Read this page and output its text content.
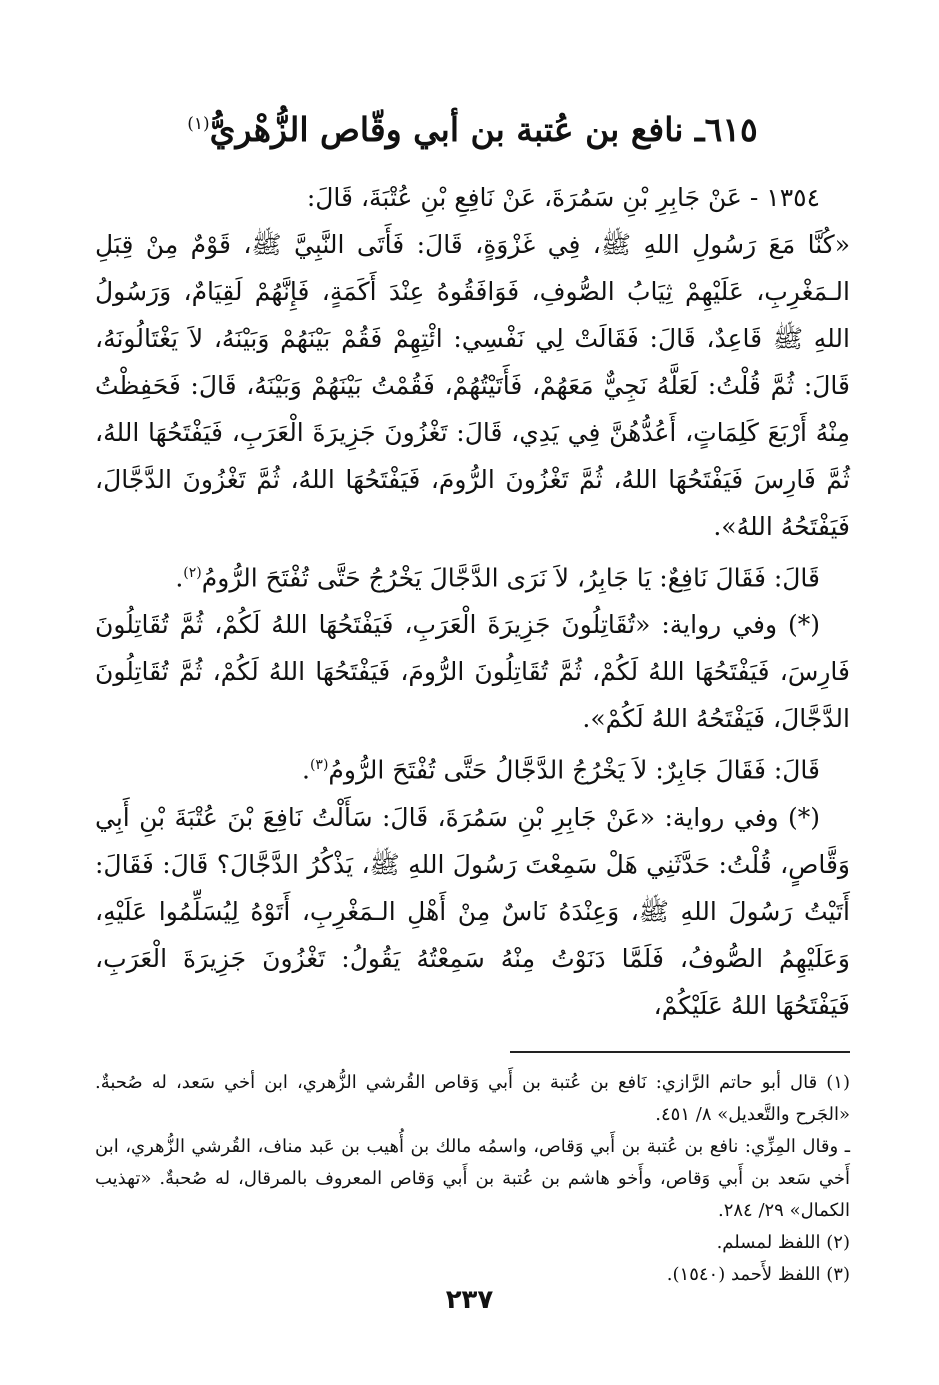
٦١٥ـ نافع بن عُتبة بن أبي وقّاص الزُّهْريُّ$^{(١)}$

١٣٥٤ - عَنْ جَابِرِ بْنِ سَمُرَةَ، عَنْ نَافِعِ بْنِ عُتْبَةَ، قَالَ:

«كُنَّا مَعَ رَسُولِ اللهِ ﷺ، فِي غَزْوَةٍ، قَالَ: فَأَتَى النَّبِيَّ ﷺ، قَوْمٌ مِنْ قِبَلِ الـمَغْرِبِ، عَلَيْهِمْ ثِيَابُ الصُّوفِ، فَوَافَقُوهُ عِنْدَ أَكَمَةٍ، فَإِنَّهُمْ لَقِيَامٌ، وَرَسُولُ اللهِ ﷺ قَاعِدٌ، قَالَ: فَقَالَتْ لِي نَفْسِي: ائْتِهِمْ فَقُمْ بَيْنَهُمْ وَبَيْنَهُ، لاَ يَغْتَالُونَهُ، قَالَ: ثُمَّ قُلْتُ: لَعَلَّهُ نَجِيٌّ مَعَهُمْ، فَأَتَيْتُهُمْ، فَقُمْتُ بَيْنَهُمْ وَبَيْنَهُ، قَالَ: فَحَفِظْتُ مِنْهُ أَرْبَعَ كَلِمَاتٍ، أَعُدُّهُنَّ فِي يَدِي، قَالَ: تَغْزُونَ جَزِيرَةَ الْعَرَبِ، فَيَفْتَحُهَا اللهُ، ثُمَّ فَارِسَ فَيَفْتَحُهَا اللهُ، ثُمَّ تَغْزُونَ الرُّومَ، فَيَفْتَحُهَا اللهُ، ثُمَّ تَغْزُونَ الدَّجَّالَ، فَيَفْتَحُهُ اللهُ».

قَالَ: فَقَالَ نَافِعٌ: يَا جَابِرُ، لاَ نَرَى الدَّجَّالَ يَخْرُجُ حَتَّى تُفْتَحَ الرُّومُ$^{(٢)}$.

(*) وفي رواية: «تُقَاتِلُونَ جَزِيرَةَ الْعَرَبِ، فَيَفْتَحُهَا اللهُ لَكُمْ، ثُمَّ تُقَاتِلُونَ فَارِسَ، فَيَفْتَحُهَا اللهُ لَكُمْ، ثُمَّ تُقَاتِلُونَ الرُّومَ، فَيَفْتَحُهَا اللهُ لَكُمْ، ثُمَّ تُقَاتِلُونَ الدَّجَّالَ، فَيَفْتَحُهُ اللهُ لَكُمْ».

قَالَ: فَقَالَ جَابِرٌ: لاَ يَخْرُجُ الدَّجَّالُ حَتَّى تُفْتَحَ الرُّومُ$^{(٣)}$.

(*) وفي رواية: «عَنْ جَابِرِ بْنِ سَمُرَةَ، قَالَ: سَأَلْتُ نَافِعَ بْنَ عُتْبَةَ بْنِ أَبِي وَقَّاصٍ، قُلْتُ: حَدَّثَنِي هَلْ سَمِعْتَ رَسُولَ اللهِ ﷺ، يَذْكُرُ الدَّجَّالَ؟ قَالَ: فَقَالَ: أَتَيْتُ رَسُولَ اللهِ ﷺ، وَعِنْدَهُ نَاسٌ مِنْ أَهْلِ الـمَغْرِبِ، أَتَوْهُ لِيُسَلِّمُوا عَلَيْهِ، وَعَلَيْهِمُ الصُّوفُ، فَلَمَّا دَنَوْتُ مِنْهُ سَمِعْتُهُ يَقُولُ: تَغْزُونَ جَزِيرَةَ الْعَرَبِ، فَيَفْتَحُهَا اللهُ عَلَيْكُمْ،

(١) قال أبو حاتم الرَّازي: نَافع بن عُتبة بن أَبي وَقاص القُرشي الزُّهري، ابن أخي سَعد، له صُحبةٌ. «الجَرح والتَّعديل» ٨/ ٤٥١.

ـ وقال المِزِّي: نافع بن عُتبة بن أَبي وَقاص، واسمُه مالك بن أُهيب بن عَبد مناف، القُرشي الزُّهري، ابن أَخي سَعد بن أَبي وَقاص، وأَخو هاشم بن عُتبة بن أَبي وَقاص المعروف بالمرقال، له صُحبةٌ. «تهذيب الكمال» ٢٩/ ٢٨٤.

(٢) اللفظ لمسلم.

(٣) اللفظ لأَحمد (١٥٤٠).

٢٣٧
